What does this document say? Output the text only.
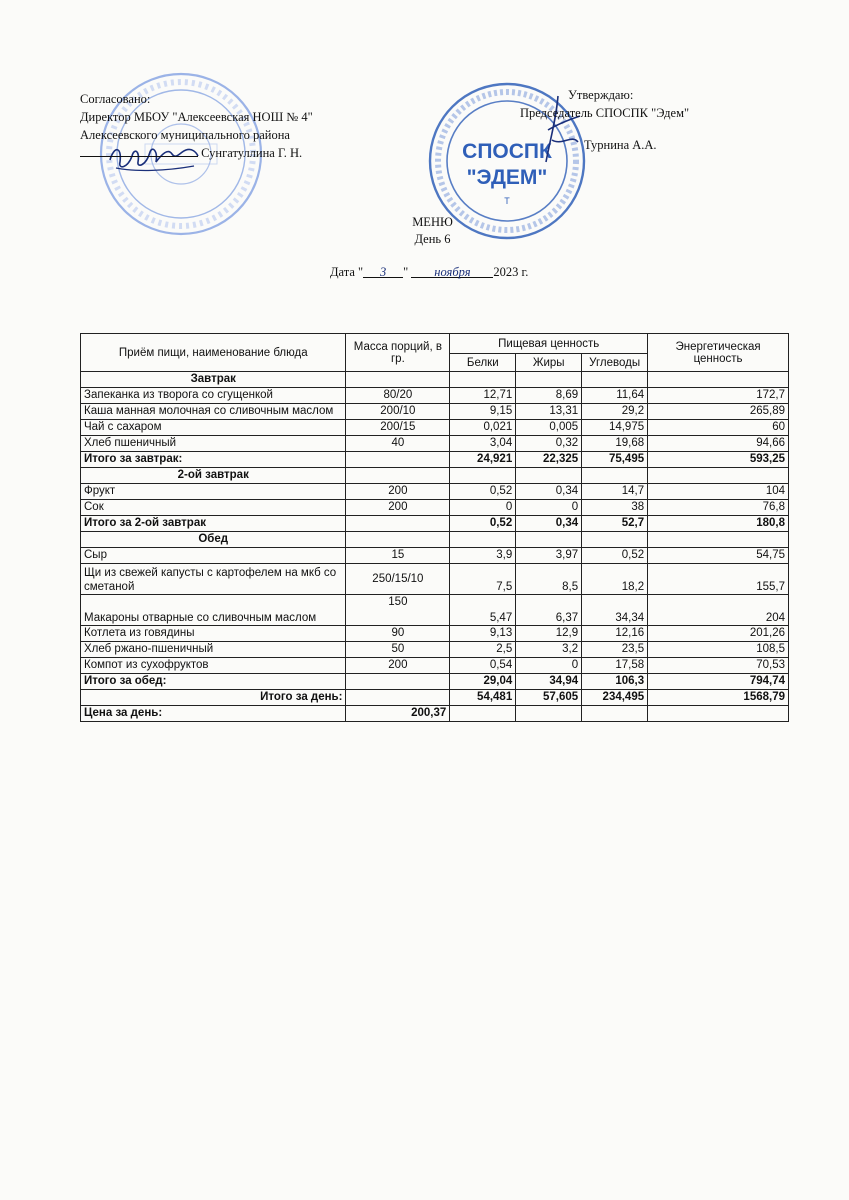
СПОСПК
"ЭДЕМ"
T
Согласовано:
Директор МБОУ "Алексеевская НОШ № 4"
Алексеевского муниципального района
Сунгатуллина Г. Н.
Утверждаю:
Председатель СПОСПК "Эдем"
Турнина А.А.
МЕНЮ
День 6
Дата " 3 " ноября 2023 г.
Приём пищи, наименование блюда	Масса порций, в гр.	Пищевая ценность			Энергетическая ценность
		Белки	Жиры	Углеводы	
Завтрак					
Запеканка из творога со сгущенкой	80/20	12,71	8,69	11,64	172,7
Каша манная молочная со сливочным маслом	200/10	9,15	13,31	29,2	265,89
Чай с сахаром	200/15	0,021	0,005	14,975	60
Хлеб пшеничный	40	3,04	0,32	19,68	94,66
Итого за завтрак:		24,921	22,325	75,495	593,25
2-ой завтрак					
Фрукт	200	0,52	0,34	14,7	104
Сок	200	0	0	38	76,8
Итого за 2-ой завтрак		0,52	0,34	52,7	180,8
Обед					
Сыр	15	3,9	3,97	0,52	54,75
Щи из свежей капусты с картофелем на мкб со сметаной	250/15/10	7,5	8,5	18,2	155,7
Макароны отварные со сливочным маслом	150	5,47	6,37	34,34	204
Котлета из говядины	90	9,13	12,9	12,16	201,26
Хлеб ржано-пшеничный	50	2,5	3,2	23,5	108,5
Компот из сухофруктов	200	0,54	0	17,58	70,53
Итого за обед:		29,04	34,94	106,3	794,74
Итого за день:		54,481	57,605	234,495	1568,79
Цена за день:	200,37				
